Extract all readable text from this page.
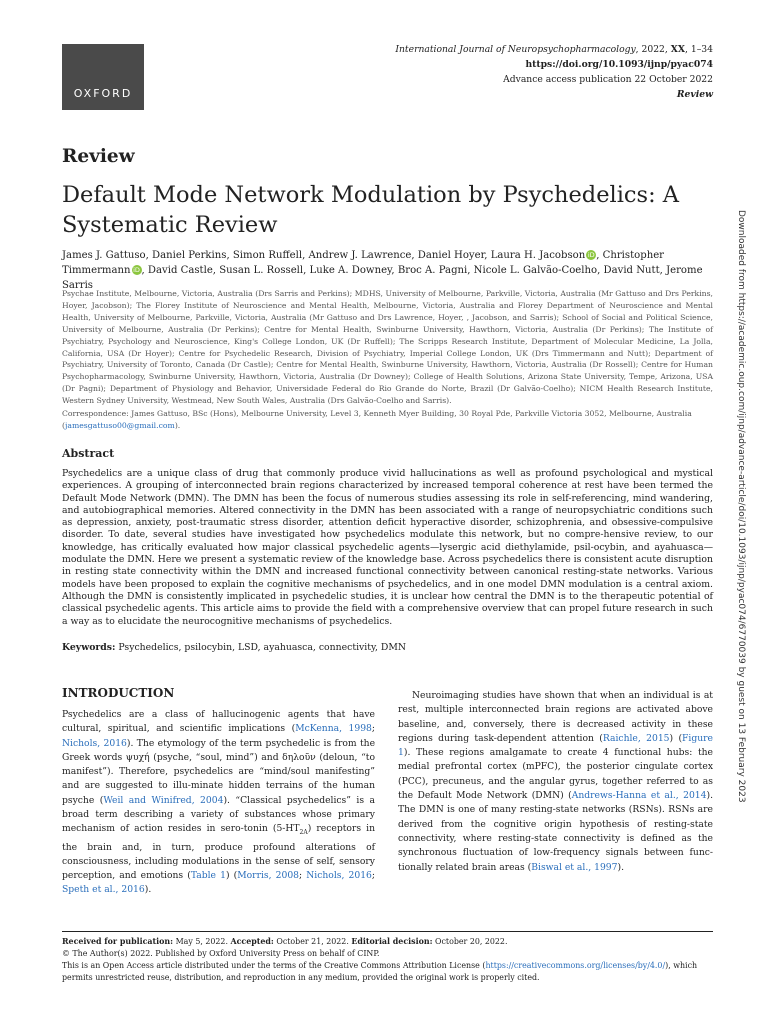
OXFORD
International Journal of Neuropsychopharmacology, 2022, XX, 1–34
https://doi.org/10.1093/ijnp/pyac074
Advance access publication 22 October 2022
Review
Review
Default Mode Network Modulation by Psychedelics: A Systematic Review
James J. Gattuso, Daniel Perkins, Simon Ruffell, Andrew J. Lawrence, Daniel Hoyer, Laura H. Jacobson iD , Christopher Timmermann iD , David Castle, Susan L. Rossell, Luke A. Downey, Broc A. Pagni, Nicole L. Galvão-Coelho, David Nutt, Jerome Sarris
Psychae Institute, Melbourne, Victoria, Australia (Drs Sarris and Perkins); MDHS, University of Melbourne, Parkville, Victoria, Australia (Mr Gattuso and Drs Perkins, Hoyer, Jacobson); The Florey Institute of Neuroscience and Mental Health, Melbourne, Victoria, Australia and Florey Department of Neuroscience and Mental Health, University of Melbourne, Parkville, Victoria, Australia (Mr Gattuso and Drs Lawrence, Hoyer, , Jacobson, and Sarris); School of Social and Political Science, University of Melbourne, Australia (Dr Perkins); Centre for Mental Health, Swinburne University, Hawthorn, Victoria, Australia (Dr Perkins); The Institute of Psychiatry, Psychology and Neuroscience, King's College London, UK (Dr Ruffell); The Scripps Research Institute, Department of Molecular Medicine, La Jolla, California, USA (Dr Hoyer); Centre for Psychedelic Research, Division of Psychiatry, Imperial College London, UK (Drs Timmermann and Nutt); Department of Psychiatry, University of Toronto, Canada (Dr Castle); Centre for Mental Health, Swinburne University, Hawthorn, Victoria, Australia (Dr Rossell); Centre for Human Psychopharmacology, Swinburne University, Hawthorn, Victoria, Australia (Dr Downey); College of Health Solutions, Arizona State University, Tempe, Arizona, USA (Dr Pagni); Department of Physiology and Behavior, Universidade Federal do Rio Grande do Norte, Brazil (Dr Galvão-Coelho); NICM Health Research Institute, Western Sydney University, Westmead, New South Wales, Australia (Drs Galvão-Coelho and Sarris).
Correspondence: James Gattuso, BSc (Hons), Melbourne University, Level 3, Kenneth Myer Building, 30 Royal Pde, Parkville Victoria 3052, Melbourne, Australia (jamesgattuso00@gmail.com).
Abstract
Psychedelics are a unique class of drug that commonly produce vivid hallucinations as well as profound psychological and mystical experiences. A grouping of interconnected brain regions characterized by increased temporal coherence at rest have been termed the Default Mode Network (DMN). The DMN has been the focus of numerous studies assessing its role in self-referencing, mind wandering, and autobiographical memories. Altered connectivity in the DMN has been associated with a range of neuropsychiatric conditions such as depression, anxiety, post-traumatic stress disorder, attention deficit hyperactive disorder, schizophrenia, and obsessive-compulsive disorder. To date, several studies have investigated how psychedelics modulate this network, but no compre-hensive review, to our knowledge, has critically evaluated how major classical psychedelic agents—lysergic acid diethylamide, psil-ocybin, and ayahuasca—modulate the DMN. Here we present a systematic review of the knowledge base. Across psychedelics there is consistent acute disruption in resting state connectivity within the DMN and increased functional connectivity between canonical resting-state networks. Various models have been proposed to explain the cognitive mechanisms of psychedelics, and in one model DMN modulation is a central axiom. Although the DMN is consistently implicated in psychedelic studies, it is unclear how central the DMN is to the therapeutic potential of classical psychedelic agents. This article aims to provide the field with a comprehensive overview that can propel future research in such a way as to elucidate the neurocognitive mechanisms of psychedelics.
Keywords: Psychedelics, psilocybin, LSD, ayahuasca, connectivity, DMN
INTRODUCTION
Psychedelics are a class of hallucinogenic agents that have cultural, spiritual, and scientific implications (McKenna, 1998; Nichols, 2016). The etymology of the term psychedelic is from the Greek words ψυχή (psyche, “soul, mind”) and δηλοῦν (deloun, “to manifest”). Therefore, psychedelics are “mind/soul manifesting” and are suggested to illu-minate hidden terrains of the human psyche (Weil and Winifred, 2004). “Classical psychedelics” is a broad term describing a variety of substances whose primary mechanism of action resides in sero-tonin $(5-HT_{2A})$ receptors in the brain and, in turn, produce profound alterations of consciousness, including modulations in the sense of self, sensory perception, and emotions (Table 1) (Morris, 2008; Nichols, 2016; Speth et al., 2016).
Neuroimaging studies have shown that when an individual is at rest, multiple interconnected brain regions are activated above baseline, and, conversely, there is decreased activity in these regions during task-dependent attention (Raichle, 2015) (Figure 1). These regions amalgamate to create 4 functional hubs: the medial prefrontal cortex (mPFC), the posterior cingulate cortex (PCC), precuneus, and the angular gyrus, together referred to as the Default Mode Network (DMN) (Andrews-Hanna et al., 2014). The DMN is one of many resting-state networks (RSNs). RSNs are derived from the cognitive origin hypothesis of resting-state connectivity, where resting-state connectivity is defined as the synchronous fluctuation of low-frequency signals between func-tionally related brain areas (Biswal et al., 1997).
Received for publication: May 5, 2022. Accepted: October 21, 2022. Editorial decision: October 20, 2022.
© The Author(s) 2022. Published by Oxford University Press on behalf of CINP.
This is an Open Access article distributed under the terms of the Creative Commons Attribution License (https://creativecommons.org/licenses/by/4.0/), which permits unrestricted reuse, distribution, and reproduction in any medium, provided the original work is properly cited.
Downloaded from https://academic.oup.com/ijnp/advance-article/doi/10.1093/ijnp/pyac074/6770039 by guest on 13 February 2023
